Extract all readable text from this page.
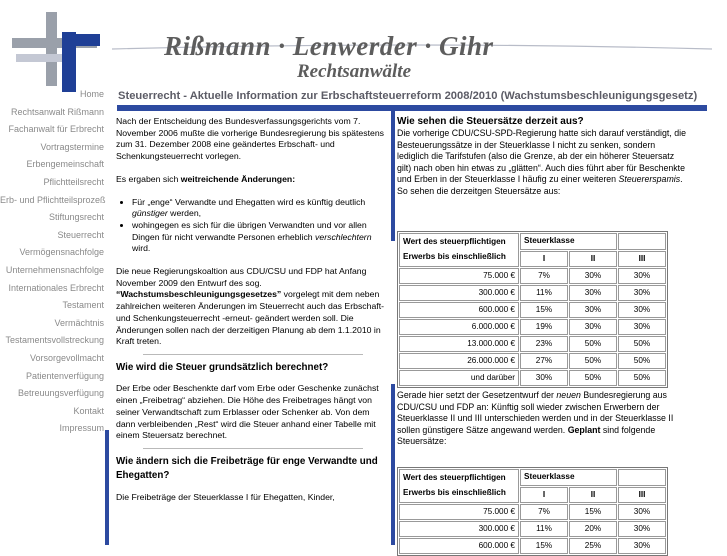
Rißmann · Lenwerder · Gihr
Rechtsanwälte
Home
Rechtsanwalt Rißmann
Fachanwalt für Erbrecht
Vortragstermine
Erbengemeinschaft
Pflichtteilsrecht
Erb- und Pflichtteilsprozeß
Stiftungsrecht
Steuerrecht
Vermögensnachfolge
Unternehmensnachfolge
Internationales Erbrecht
Testament
Vermächtnis
Testamentsvollstreckung
Vorsorgevollmacht
Patientenverfügung
Betreuungsverfügung
Kontakt
Impressum
Steuerrecht - Aktuelle Information zur Erbschaftsteuerreform 2008/2010 (Wachstumsbeschleunigungsgesetz)

Nach der Entscheidung des Bundesverfassungsgerichts vom 7. November 2006 mußte die vorherige Bundesregierung bis spätestens zum 31. Dezember 2008 eine geändertes Erbschaft- und Schenkungsteuerrecht vorlegen.

Es ergaben sich weitreichende Änderungen:

• Für „enge“ Verwandte und Ehegatten wird es künftig deutlich günstiger werden,
• wohingegen es sich für die übrigen Verwandten und vor allen Dingen für nicht verwandte Personen erheblich verschlechtern wird.

Die neue Regierungskoaltion aus CDU/CSU und FDP hat Anfang November 2009 den Entwurf des sog. “Wachstumsbeschleunigungsgesetzes” vorgelegt mit dem neben zahlreichen weiteren Änderungen im Steuerrecht auch das Erbschaft- und Schenkungsteuerrecht -erneut- geändert werden soll. Die Änderungen sollen nach der derzeitigen Planung ab dem 1.1.2010 in Kraft treten.

Wie wird die Steuer grundsätzlich berechnet?

Der Erbe oder Beschenkte darf vom Erbe oder Geschenke zunächst einen „Freibetrag“ abziehen. Die Höhe des Freibetrages hängt von seiner Verwandtschaft zum Erblasser oder Schenker ab. Von dem dann verbleibenden „Rest“ wird die Steuer anhand einer Tabelle mit einem Steuersatz berechnet.

Wie ändern sich die Freibeträge für enge Verwandte und Ehegatten?

Die Freibeträge der Steuerklasse I für Ehegatten, Kinder,

Wie sehen die Steuersätze derzeit aus?

Die vorherige CDU/CSU-SPD-Regierung hatte sich darauf verständigt, die Besteuerungssätze in der Steuerklasse I nicht zu senken, sondern lediglich die Tarifstufen (also die Grenze, ab der ein höherer Steuersatz gilt) nach oben hin etwas zu „glätten“. Auch dies führt aber für Beschenkte und Erben in der Steuerklasse I häufig zu einer weiteren Steuererspamis.

So sehen die derzeitgen Steuersätze aus:

Wert des steuerpflichtigen Erwerbs bis einschließlich	Steuerklasse		
	I	II	III
75.000 €	7%	30%	30%
300.000 €	11%	30%	30%
600.000 €	15%	30%	30%
6.000.000 €	19%	30%	30%
13.000.000 €	23%	50%	50%
26.000.000 €	27%	50%	50%
und darüber	30%	50%	50%

Gerade hier setzt der Gesetzentwurf der neuen Bundesregierung aus CDU/CSU und FDP an: Künftig soll wieder zwischen Erwerbern der Steuerklasse II und III unterschieden werden und in der Steuerklasse II sollen günstigere Sätze angewand werden. Geplant sind folgende Steuersätze:

Wert des steuerpflichtigen Erwerbs bis einschließlich	Steuerklasse		
	I	II	III
75.000 €	7%	15%	30%
300.000 €	11%	20%	30%
600.000 €	15%	25%	30%
